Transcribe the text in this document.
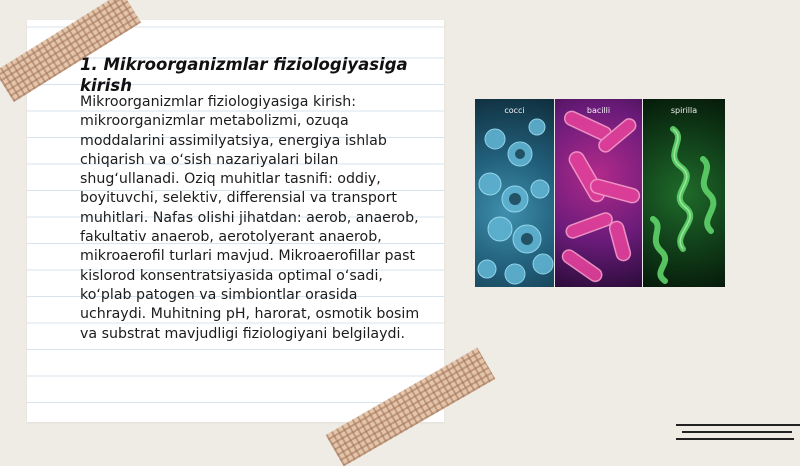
1. Mikroorganizmlar fiziologiyasiga kirish

Mikroorganizmlar fiziologiyasiga kirish: mikroorganizmlar metabolizmi, ozuqa moddalarini assimilyatsiya, energiya ishlab chiqarish va oʻsish nazariyalari bilan shugʻullanadi. Oziq muhitlar tasnifi: oddiy, boyituvchi, selektiv, differensial va transport muhitlari. Nafas olishi jihatdan: aerob, anaerob, fakultativ anaerob, aerotolyerant anaerob, mikroaerofil turlari mavjud. Mikroaerofillar past kislorod konsentratsiyasida optimal oʻsadi, koʻplab patogen va simbiontlar orasida uchraydi. Muhitning pH, harorat, osmotik bosim va substrat mavjudligi fiziologiyani belgilaydi.

cocci	bacilli	spirilla
